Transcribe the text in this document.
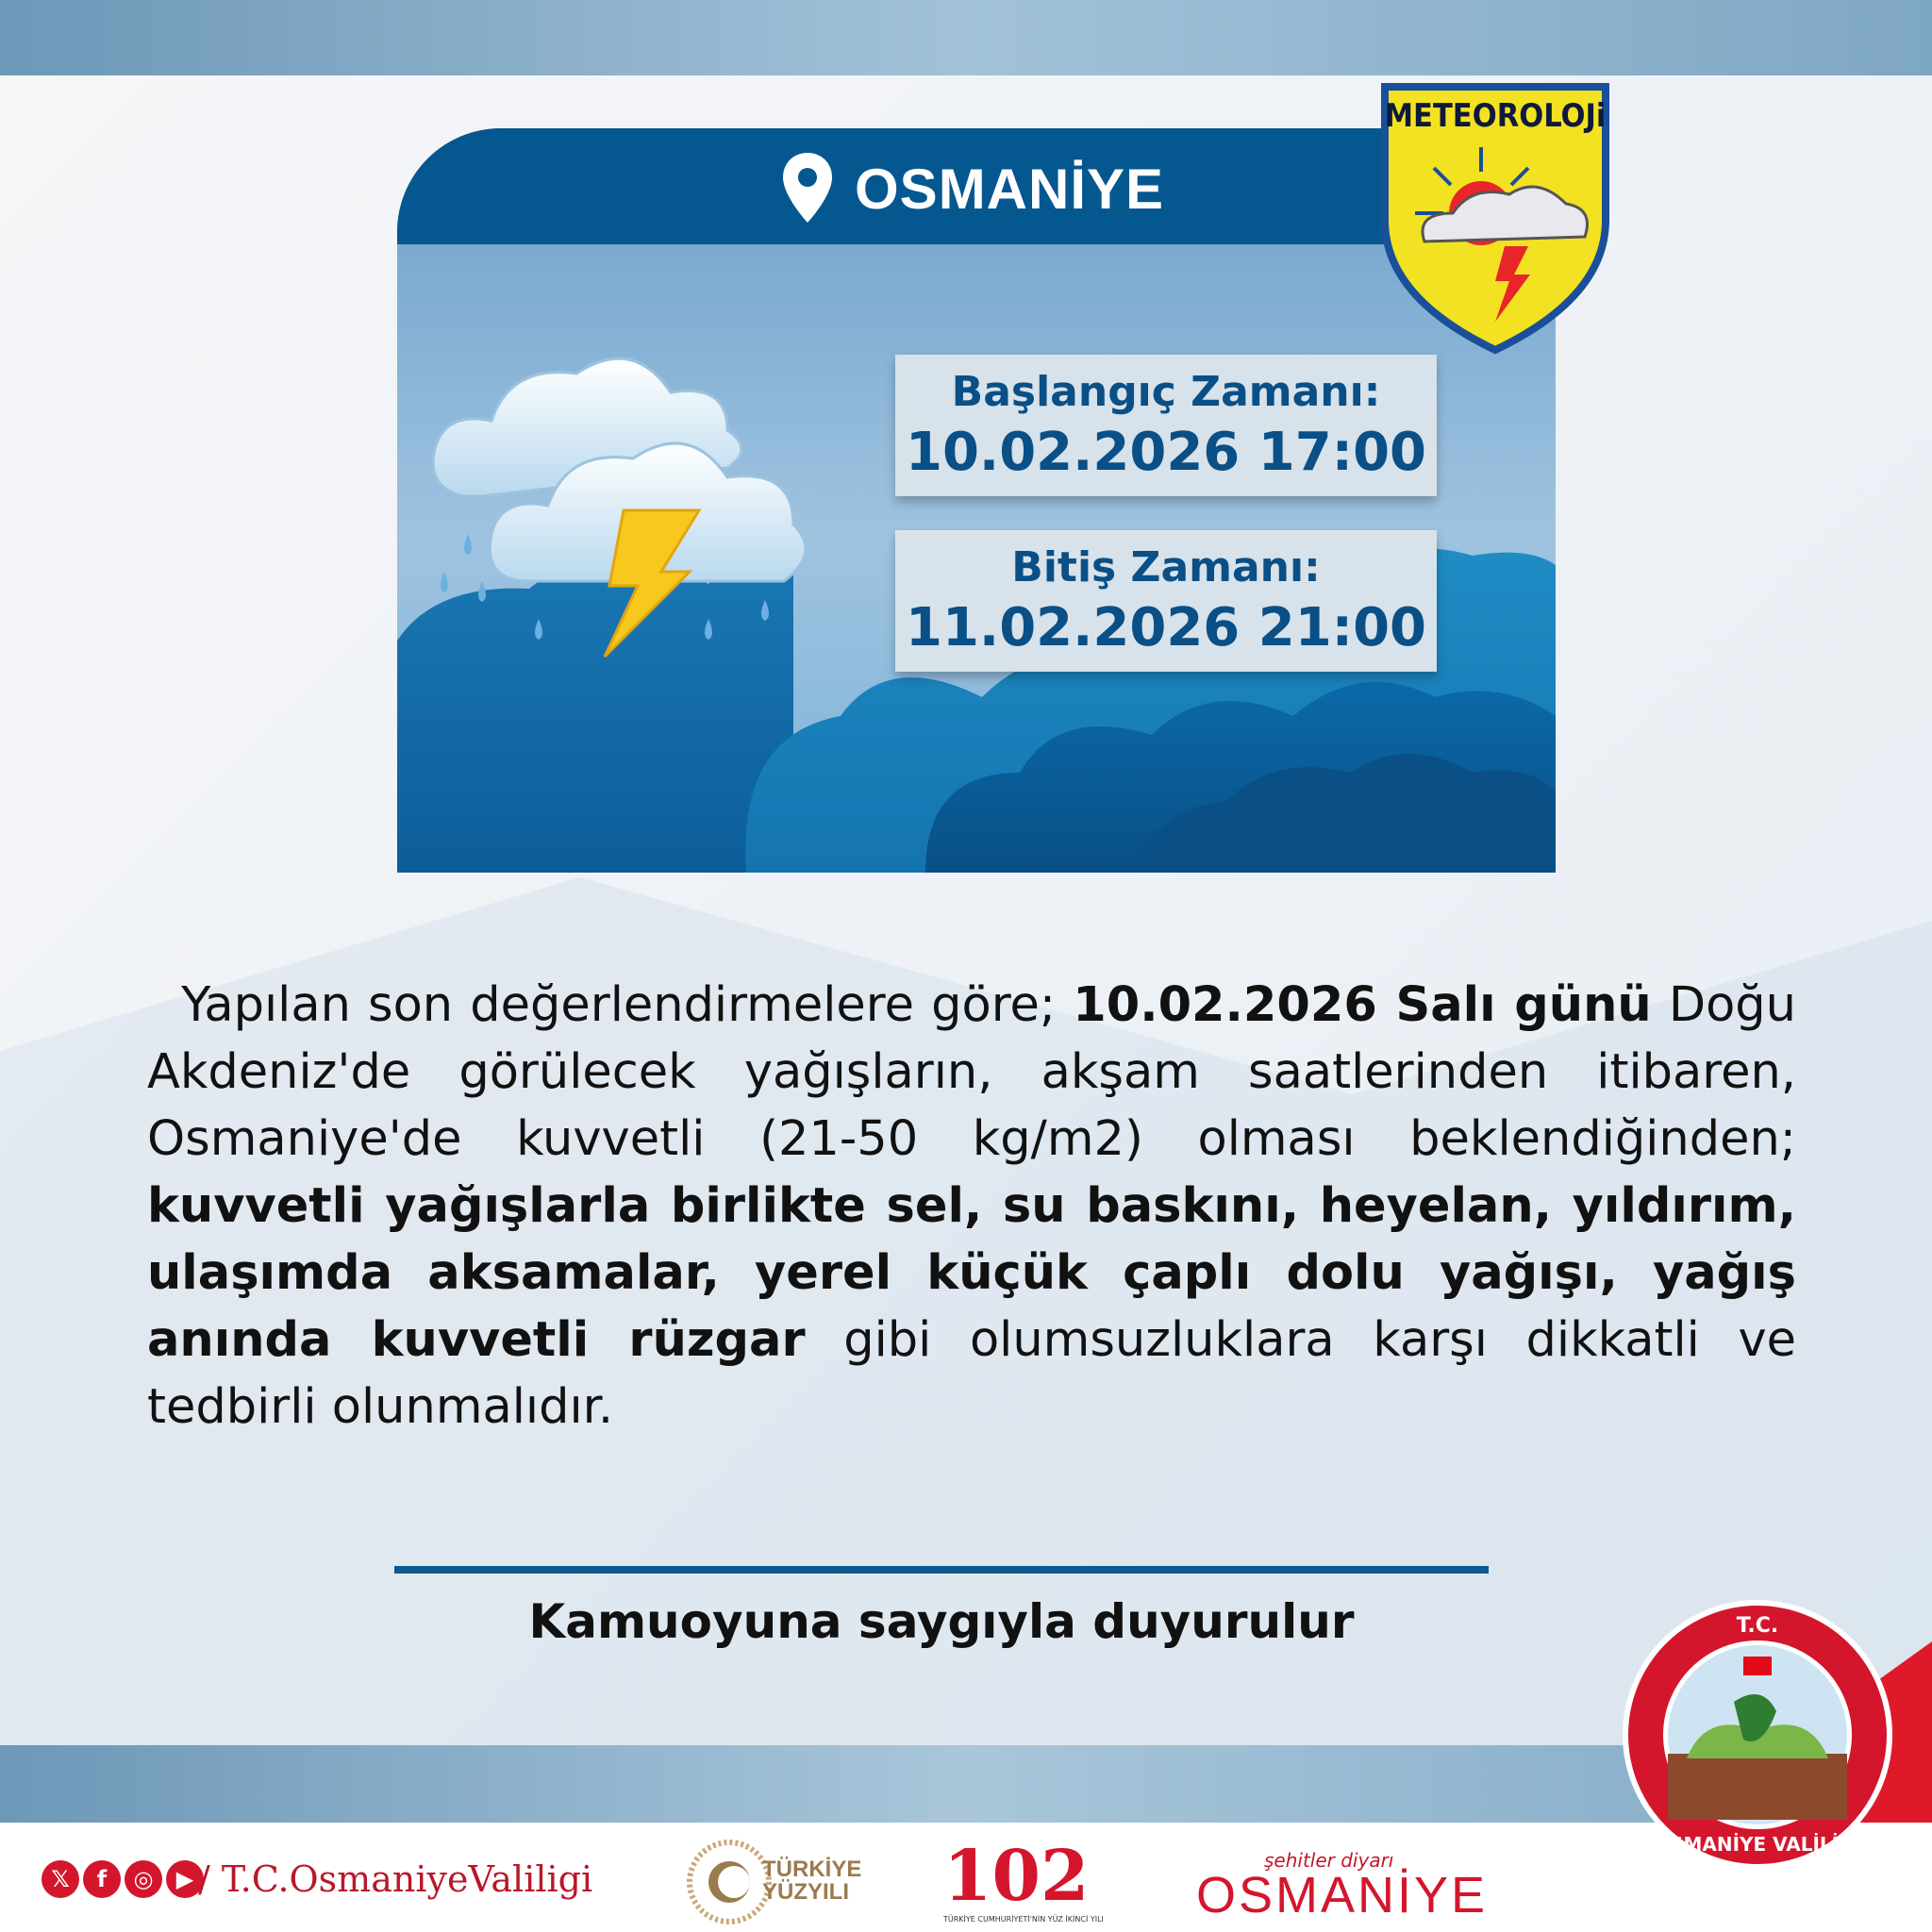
OSMANİYE
Başlangıç Zamanı:
10.02.2026 17:00
Bitiş Zamanı:
11.02.2026 21:00
METEOROLOJi
Yapılan son değerlendirmelere göre; 10.02.2026 Salı günü Doğu Akdeniz'de görülecek yağışların, akşam saatlerinden itibaren, Osmaniye'de kuvvetli (21-50 kg/m2) olması beklendiğinden; kuvvetli yağışlarla birlikte sel, su baskını, heyelan, yıldırım, ulaşımda aksamalar, yerel küçük çaplı dolu yağışı, yağış anında kuvvetli rüzgar gibi olumsuzluklara karşı dikkatli ve tedbirli olunmalıdır.
Kamuoyuna saygıyla duyurulur	T.C.
OSMANİYE VALİLİĞİ
𝕏	f	◎	▶ / T.C.OsmaniyeValiligi	TÜRKİYE YÜZYILI 102
TÜRKİYE CUMHURİYETİ'NİN YÜZ İKİNCİ YILI
şehitler diyarı
OSMANİYE
